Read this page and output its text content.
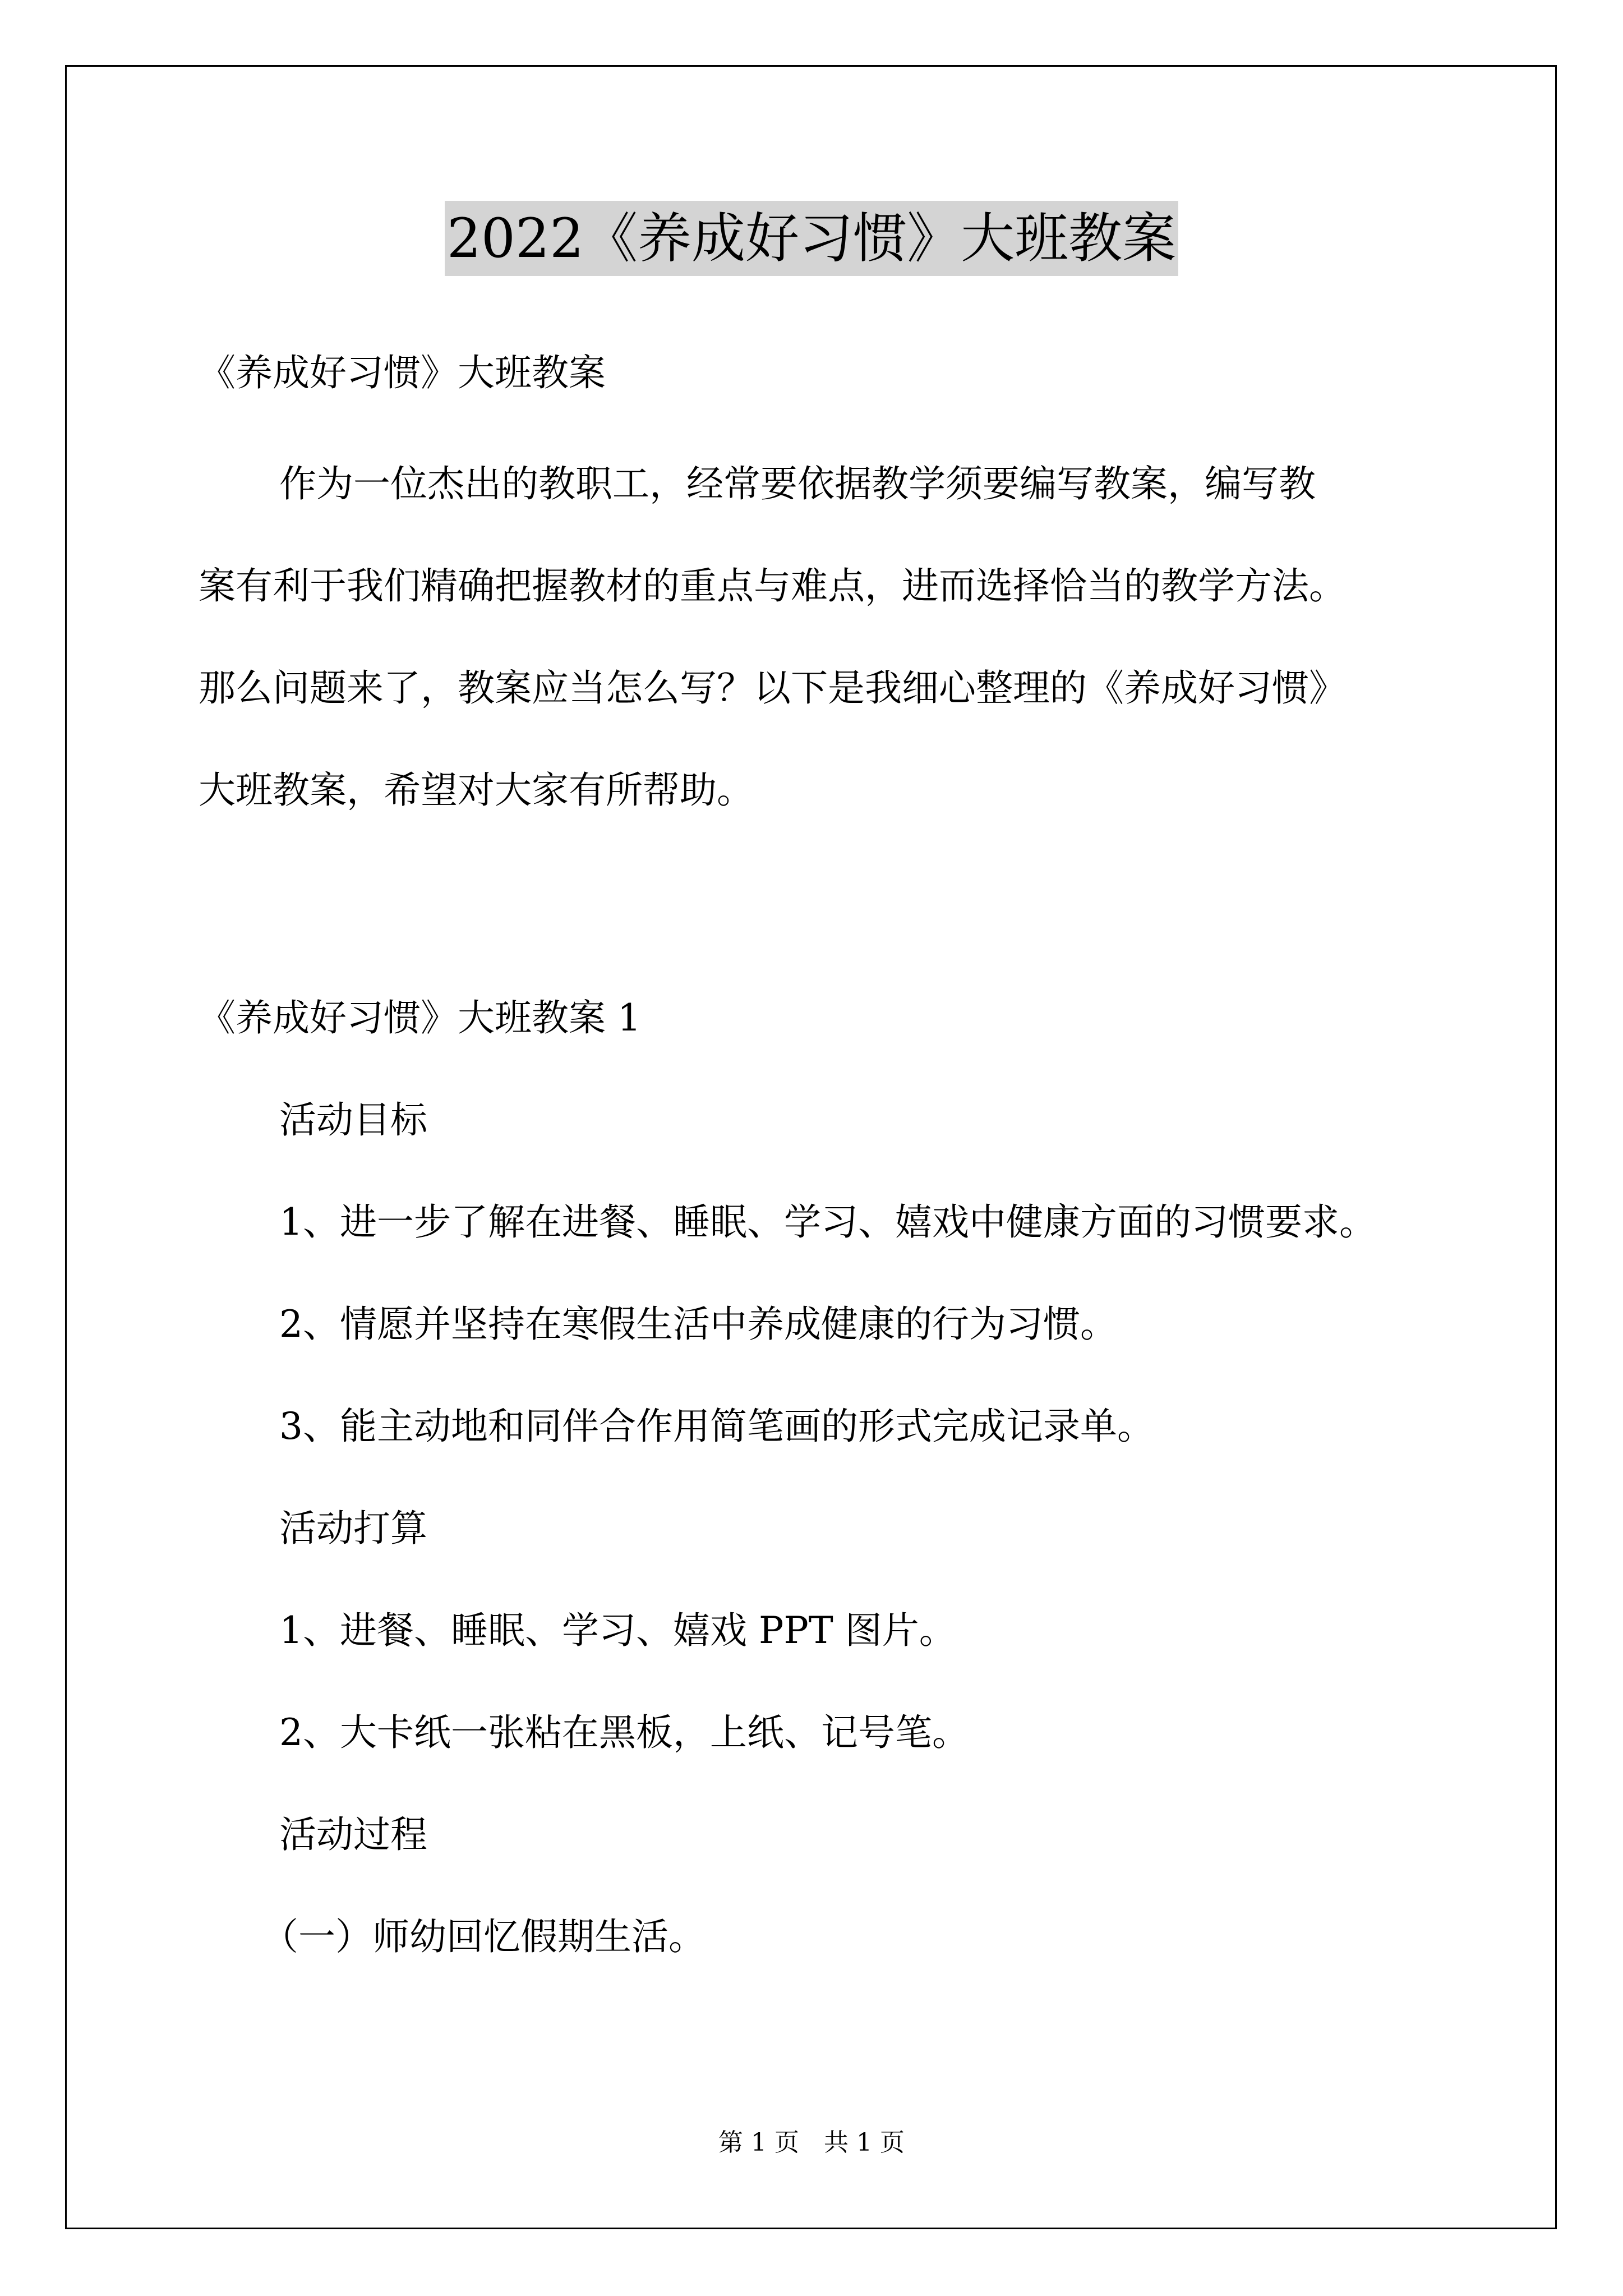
2022《养成好习惯》大班教案
《养成好习惯》大班教案
作为一位杰出的教职工，经常要依据教学须要编写教案，编写教
案有利于我们精确把握教材的重点与难点，进而选择恰当的教学方法。
那么问题来了，教案应当怎么写？以下是我细心整理的《养成好习惯》
大班教案，希望对大家有所帮助。
《养成好习惯》大班教案 1
活动目标
1、进一步了解在进餐、睡眠、学习、嬉戏中健康方面的习惯要求。
2、情愿并坚持在寒假生活中养成健康的行为习惯。
3、能主动地和同伴合作用简笔画的形式完成记录单。
活动打算
1、进餐、睡眠、学习、嬉戏 PPT 图片。
2、大卡纸一张粘在黑板，上纸、记号笔。
活动过程
（一）师幼回忆假期生活。
第 1 页　共 1 页
